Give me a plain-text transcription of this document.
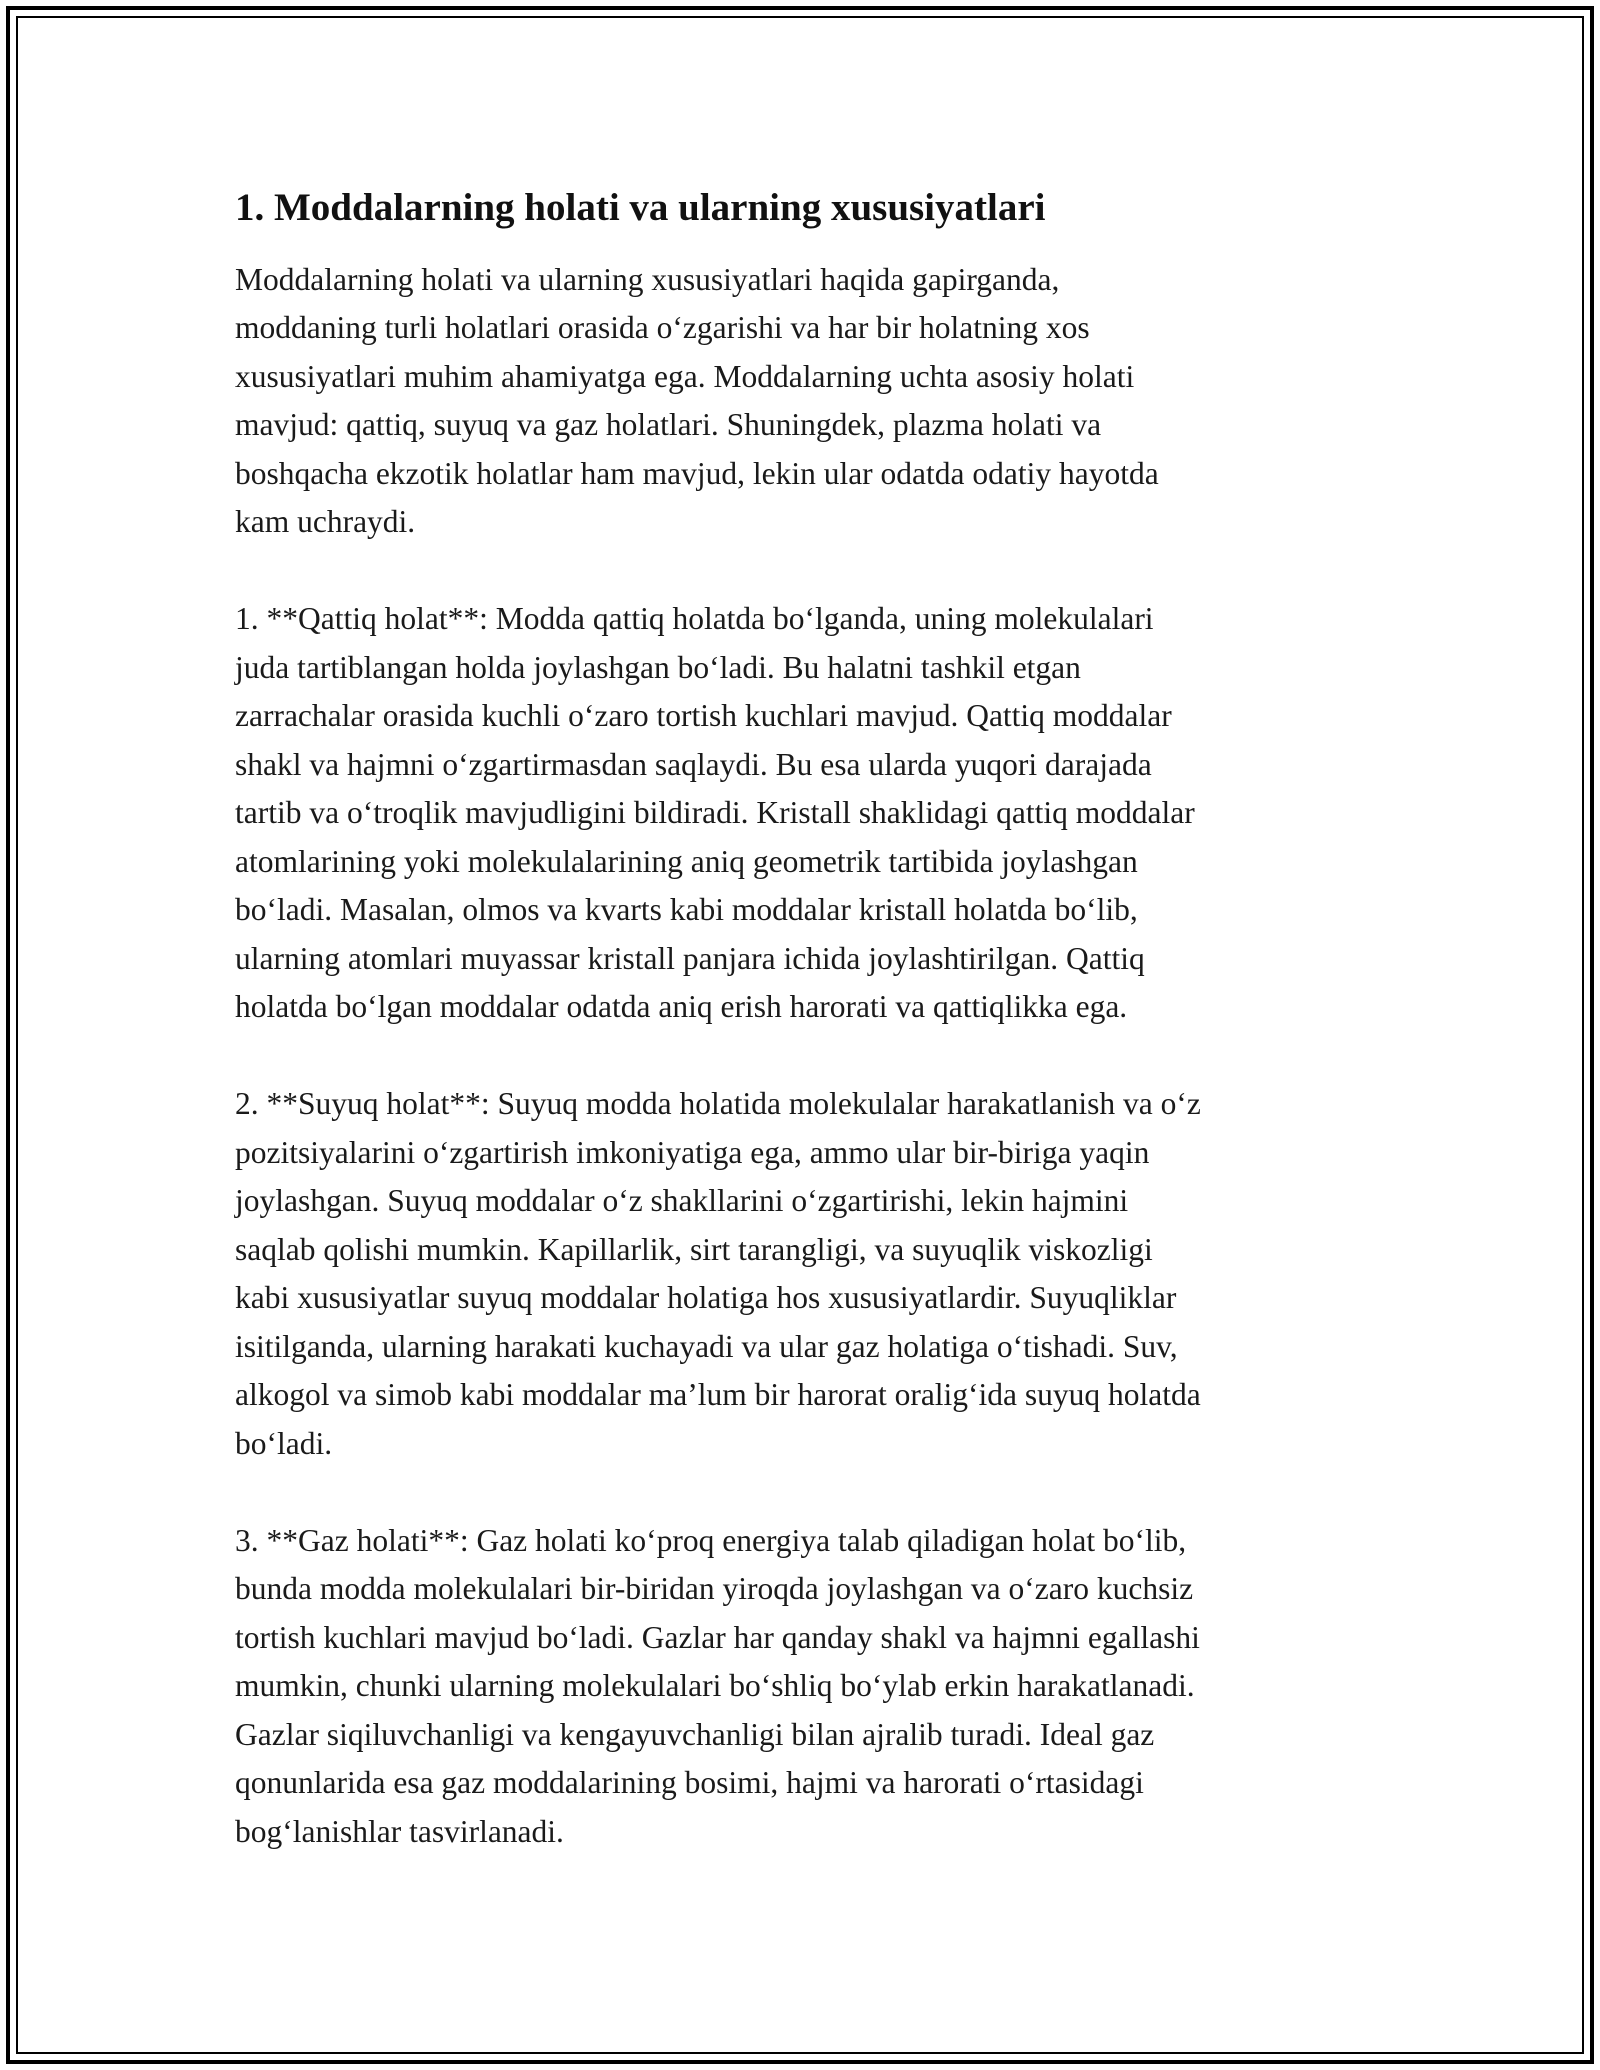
1. Moddalarning holati va ularning xususiyatlari

Moddalarning holati va ularning xususiyatlari haqida gapirganda,
moddaning turli holatlari orasida oʻzgarishi va har bir holatning xos
xususiyatlari muhim ahamiyatga ega. Moddalarning uchta asosiy holati
mavjud: qattiq, suyuq va gaz holatlari. Shuningdek, plazma holati va
boshqacha ekzotik holatlar ham mavjud, lekin ular odatda odatiy hayotda
kam uchraydi.

1. **Qattiq holat**: Modda qattiq holatda boʻlganda, uning molekulalari
juda tartiblangan holda joylashgan boʻladi. Bu halatni tashkil etgan
zarrachalar orasida kuchli oʻzaro tortish kuchlari mavjud. Qattiq moddalar
shakl va hajmni oʻzgartirmasdan saqlaydi. Bu esa ularda yuqori darajada
tartib va oʻtroqlik mavjudligini bildiradi. Kristall shaklidagi qattiq moddalar
atomlarining yoki molekulalarining aniq geometrik tartibida joylashgan
boʻladi. Masalan, olmos va kvarts kabi moddalar kristall holatda boʻlib,
ularning atomlari muyassar kristall panjara ichida joylashtirilgan. Qattiq
holatda boʻlgan moddalar odatda aniq erish harorati va qattiqlikka ega.

2. **Suyuq holat**: Suyuq modda holatida molekulalar harakatlanish va oʻz
pozitsiyalarini oʻzgartirish imkoniyatiga ega, ammo ular bir-biriga yaqin
joylashgan. Suyuq moddalar oʻz shakllarini oʻzgartirishi, lekin hajmini
saqlab qolishi mumkin. Kapillarlik, sirt tarangligi, va suyuqlik viskozligi
kabi xususiyatlar suyuq moddalar holatiga hos xususiyatlardir. Suyuqliklar
isitilganda, ularning harakati kuchayadi va ular gaz holatiga oʻtishadi. Suv,
alkogol va simob kabi moddalar maʼlum bir harorat oraligʻida suyuq holatda
boʻladi.

3. **Gaz holati**: Gaz holati koʻproq energiya talab qiladigan holat boʻlib,
bunda modda molekulalari bir-biridan yiroqda joylashgan va oʻzaro kuchsiz
tortish kuchlari mavjud boʻladi. Gazlar har qanday shakl va hajmni egallashi
mumkin, chunki ularning molekulalari boʻshliq boʻylab erkin harakatlanadi.
Gazlar siqiluvchanligi va kengayuvchanligi bilan ajralib turadi. Ideal gaz
qonunlarida esa gaz moddalarining bosimi, hajmi va harorati oʻrtasidagi
bogʻlanishlar tasvirlanadi.
